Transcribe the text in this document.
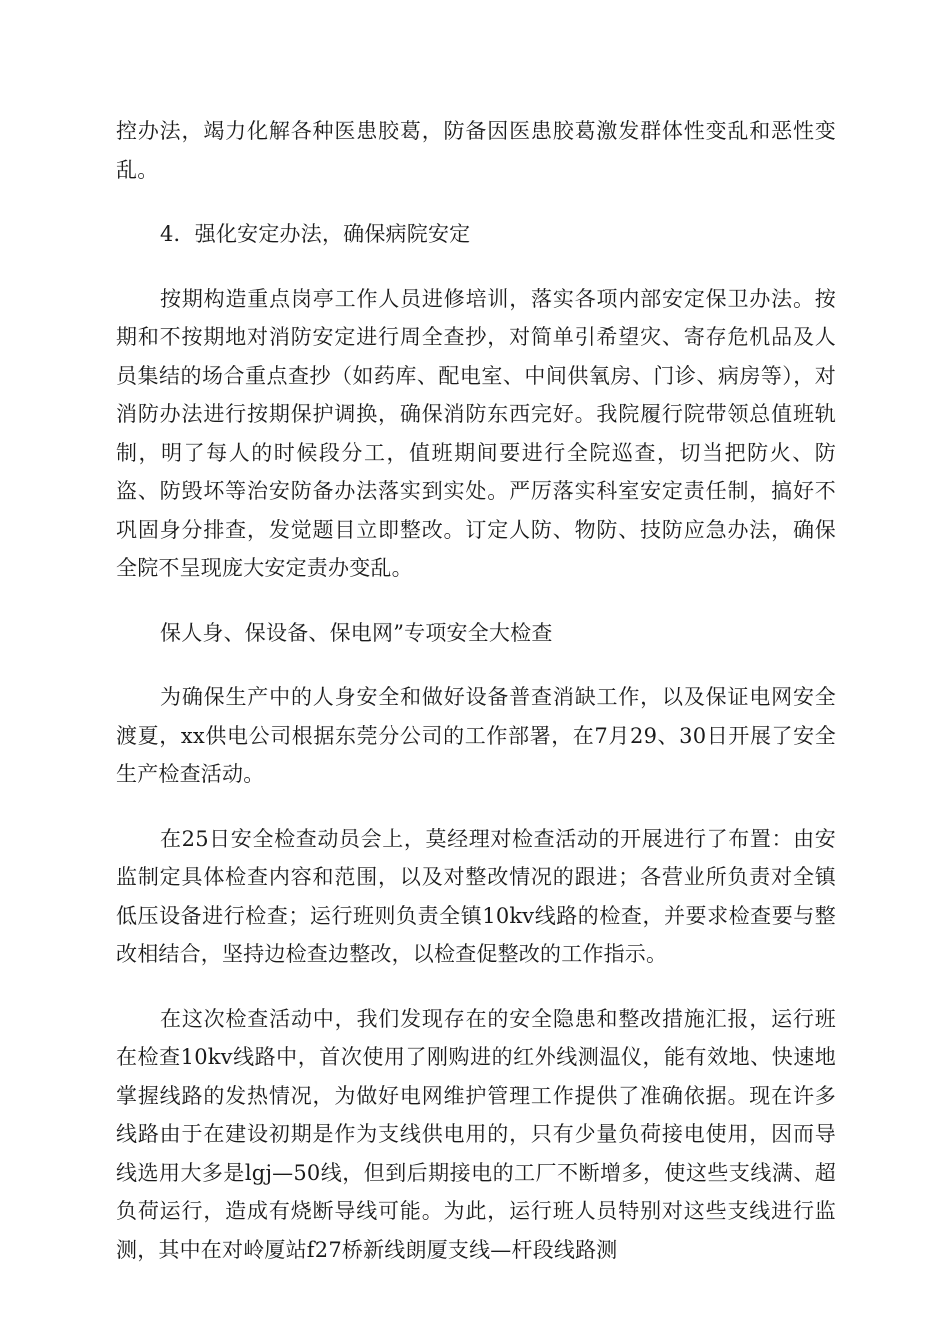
控办法，竭力化解各种医患胶葛，防备因医患胶葛激发群体性变乱和恶性变乱。

4．强化安定办法，确保病院安定

按期构造重点岗亭工作人员进修培训，落实各项内部安定保卫办法。按期和不按期地对消防安定进行周全查抄，对简单引希望灾、寄存危机品及人员集结的场合重点查抄（如药库、配电室、中间供氧房、门诊、病房等），对消防办法进行按期保护调换，确保消防东西完好。我院履行院带领总值班轨制，明了每人的时候段分工，值班期间要进行全院巡查，切当把防火、防盗、防毁坏等治安防备办法落实到实处。严厉落实科室安定责任制，搞好不巩固身分排查，发觉题目立即整改。订定人防、物防、技防应急办法，确保全院不呈现庞大安定责办变乱。

保人身、保设备、保电网”专项安全大检查

为确保生产中的人身安全和做好设备普查消缺工作，以及保证电网安全渡夏，xx供电公司根据东莞分公司的工作部署，在7月29、30日开展了安全生产检查活动。

在25日安全检查动员会上，莫经理对检查活动的开展进行了布置：由安监制定具体检查内容和范围，以及对整改情况的跟进；各营业所负责对全镇低压设备进行检查；运行班则负责全镇10kv线路的检查，并要求检查要与整改相结合，坚持边检查边整改，以检查促整改的工作指示。

在这次检查活动中，我们发现存在的安全隐患和整改措施汇报，运行班在检查10kv线路中，首次使用了刚购进的红外线测温仪，能有效地、快速地掌握线路的发热情况，为做好电网维护管理工作提供了准确依据。现在许多线路由于在建设初期是作为支线供电用的，只有少量负荷接电使用，因而导线选用大多是lgj—50线，但到后期接电的工厂不断增多，使这些支线满、超负荷运行，造成有烧断导线可能。为此，运行班人员特别对这些支线进行监测，其中在对岭厦站f27桥新线朗厦支线—杆段线路测
